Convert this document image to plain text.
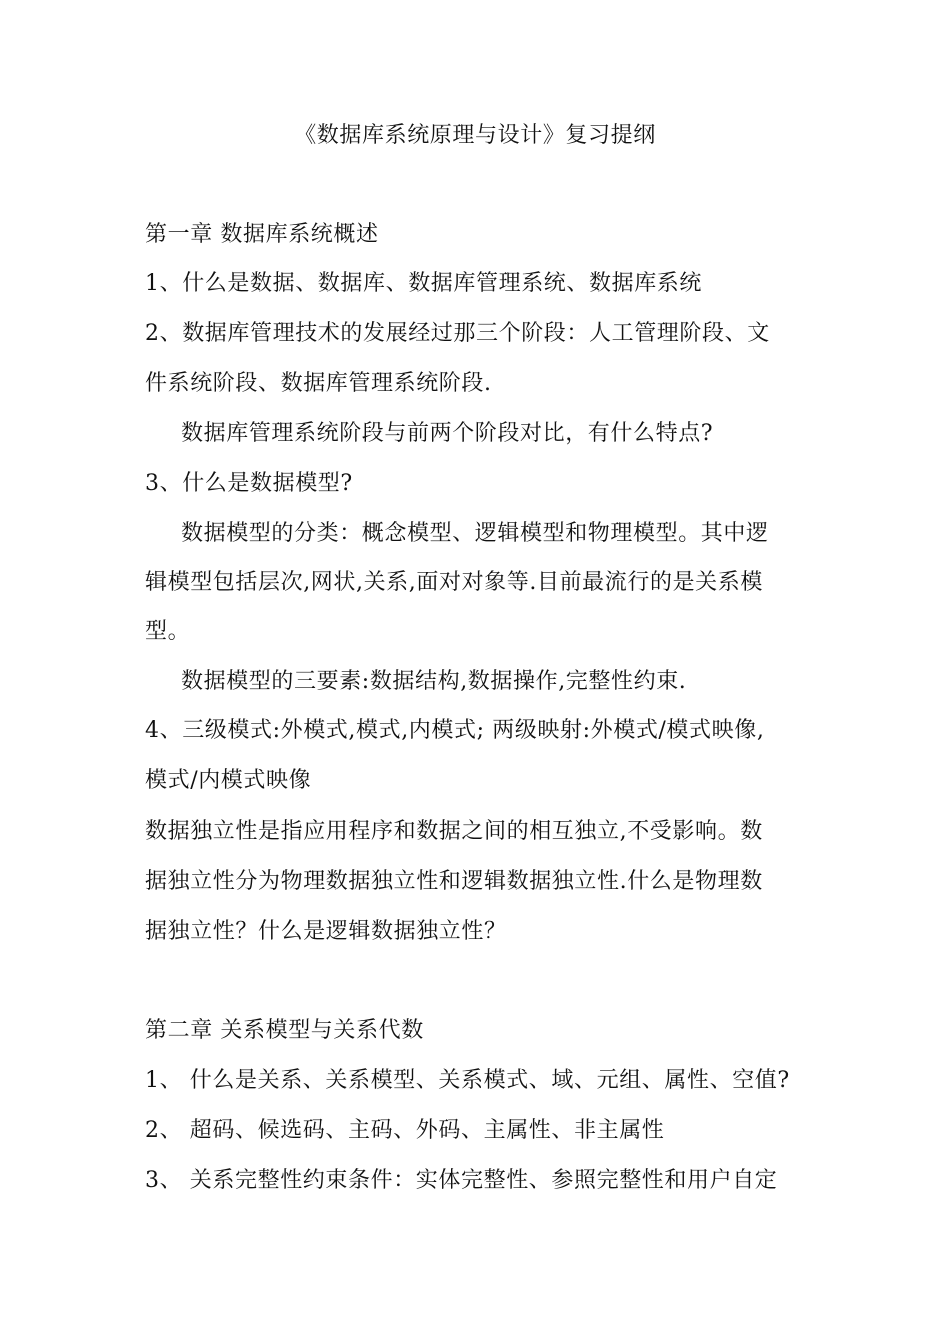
《数据库系统原理与设计》复习提纲
第一章 数据库系统概述
1、什么是数据、数据库、数据库管理系统、数据库系统
2、数据库管理技术的发展经过那三个阶段：人工管理阶段、文
件系统阶段、数据库管理系统阶段.
数据库管理系统阶段与前两个阶段对比，有什么特点?
3、什么是数据模型?
数据模型的分类：概念模型、逻辑模型和物理模型。其中逻
辑模型包括层次,网状,关系,面对对象等.目前最流行的是关系模
型。
数据模型的三要素:数据结构,数据操作,完整性约束.
4、三级模式:外模式,模式,内模式; 两级映射:外模式/模式映像,
模式/内模式映像
数据独立性是指应用程序和数据之间的相互独立,不受影响。数
据独立性分为物理数据独立性和逻辑数据独立性.什么是物理数
据独立性？什么是逻辑数据独立性？
第二章 关系模型与关系代数
1、 什么是关系、关系模型、关系模式、域、元组、属性、空值?
2、 超码、候选码、主码、外码、主属性、非主属性
3、 关系完整性约束条件：实体完整性、参照完整性和用户自定
